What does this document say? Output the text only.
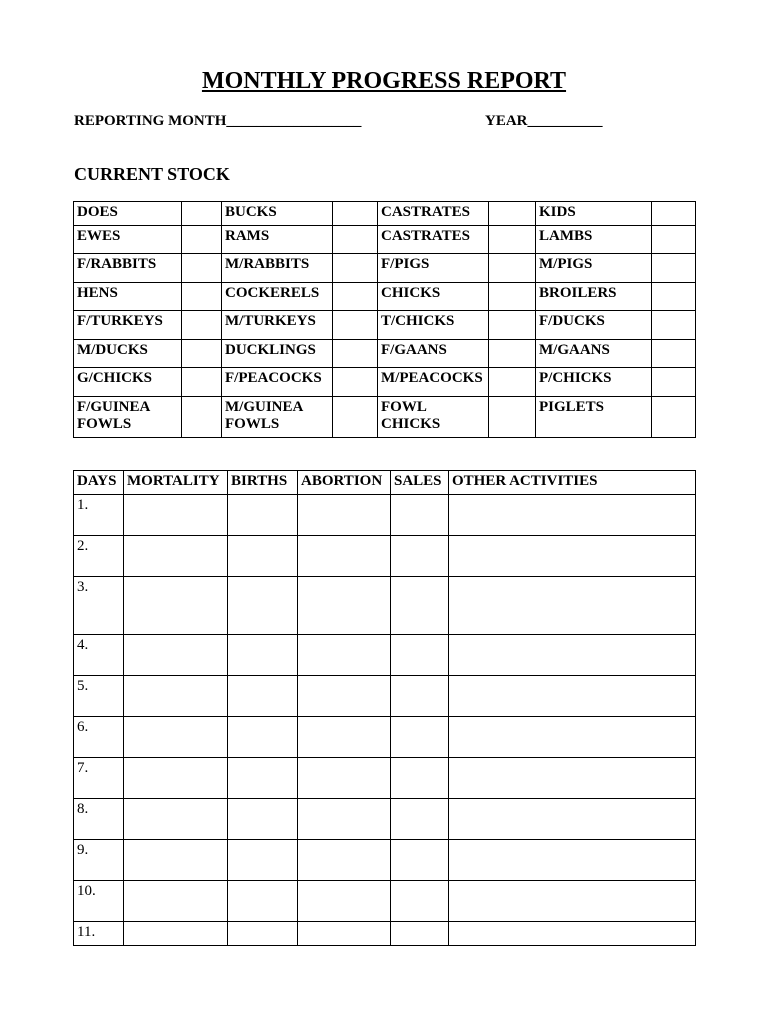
MONTHLY PROGRESS REPORT
REPORTING MONTH__________________	YEAR__________
CURRENT STOCK
DOES		BUCKS		CASTRATES		KIDS	
EWES		RAMS		CASTRATES		LAMBS	
F/RABBITS		M/RABBITS		F/PIGS		M/PIGS	
HENS		COCKERELS		CHICKS		BROILERS	
F/TURKEYS		M/TURKEYS		T/CHICKS		F/DUCKS	
M/DUCKS		DUCKLINGS		F/GAANS		M/GAANS	
G/CHICKS		F/PEACOCKS		M/PEACOCKS		P/CHICKS	
F/GUINEA FOWLS		M/GUINEA FOWLS		FOWL CHICKS		PIGLETS	
DAYS	MORTALITY	BIRTHS	ABORTION	SALES	OTHER ACTIVITIES
1.					
2.					
3.					
4.					
5.					
6.					
7.					
8.					
9.					
10.					
11.					
